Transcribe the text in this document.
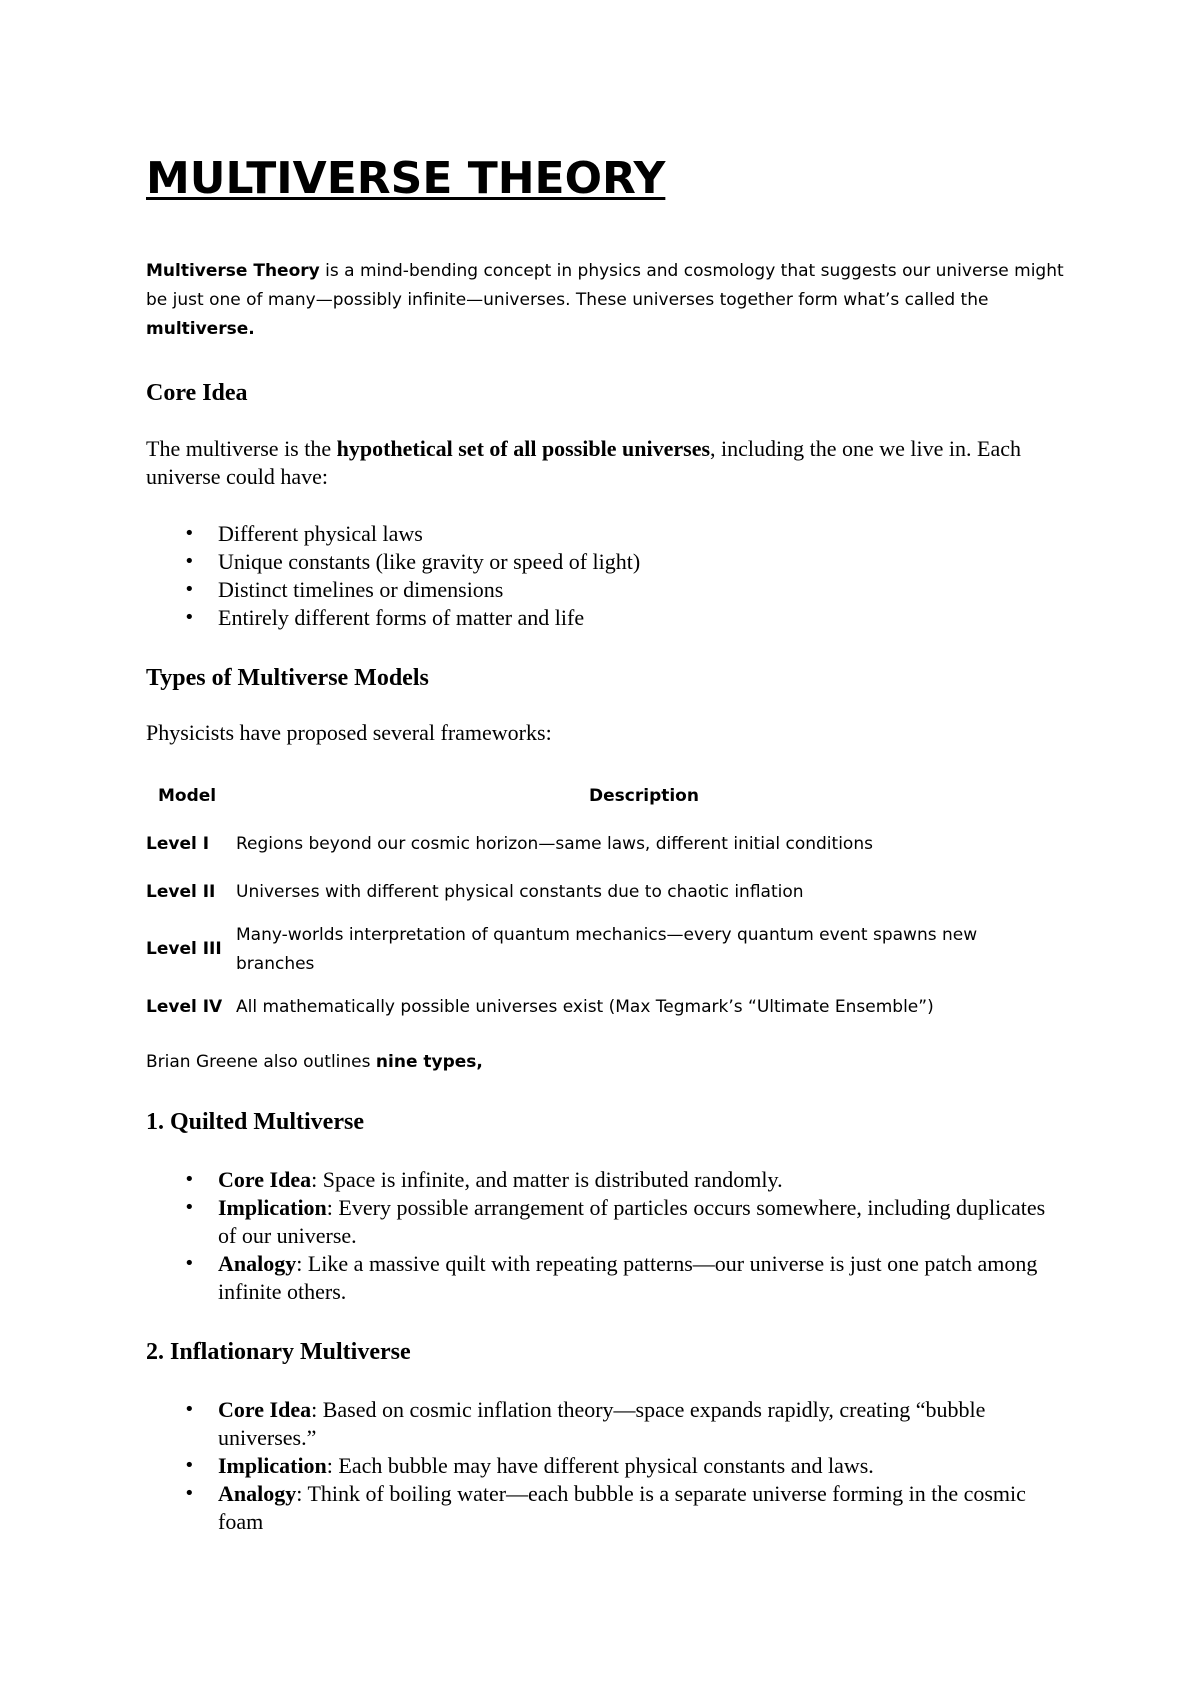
MULTIVERSE THEORY

Multiverse Theory is a mind-bending concept in physics and cosmology that suggests our universe might be just one of many—possibly infinite—universes. These universes together form what’s called the multiverse.

Core Idea

The multiverse is the hypothetical set of all possible universes, including the one we live in. Each universe could have:

• Different physical laws
• Unique constants (like gravity or speed of light)
• Distinct timelines or dimensions
• Entirely different forms of matter and life
Types of Multiverse Models

Physicists have proposed several frameworks:

Model	Description
Level I	Regions beyond our cosmic horizon—same laws, different initial conditions
Level II	Universes with different physical constants due to chaotic inflation
Level III	Many-worlds interpretation of quantum mechanics—every quantum event spawns new branches
Level IV	All mathematically possible universes exist (Max Tegmark’s “Ultimate Ensemble”)

Brian Greene also outlines nine types,

1. Quilted Multiverse
• Core Idea: Space is infinite, and matter is distributed randomly.
• Implication: Every possible arrangement of particles occurs somewhere, including duplicates of our universe.
• Analogy: Like a massive quilt with repeating patterns—our universe is just one patch among infinite others.
2. Inflationary Multiverse
• Core Idea: Based on cosmic inflation theory—space expands rapidly, creating “bubble universes.”
• Implication: Each bubble may have different physical constants and laws.
• Analogy: Think of boiling water—each bubble is a separate universe forming in the cosmic foam
